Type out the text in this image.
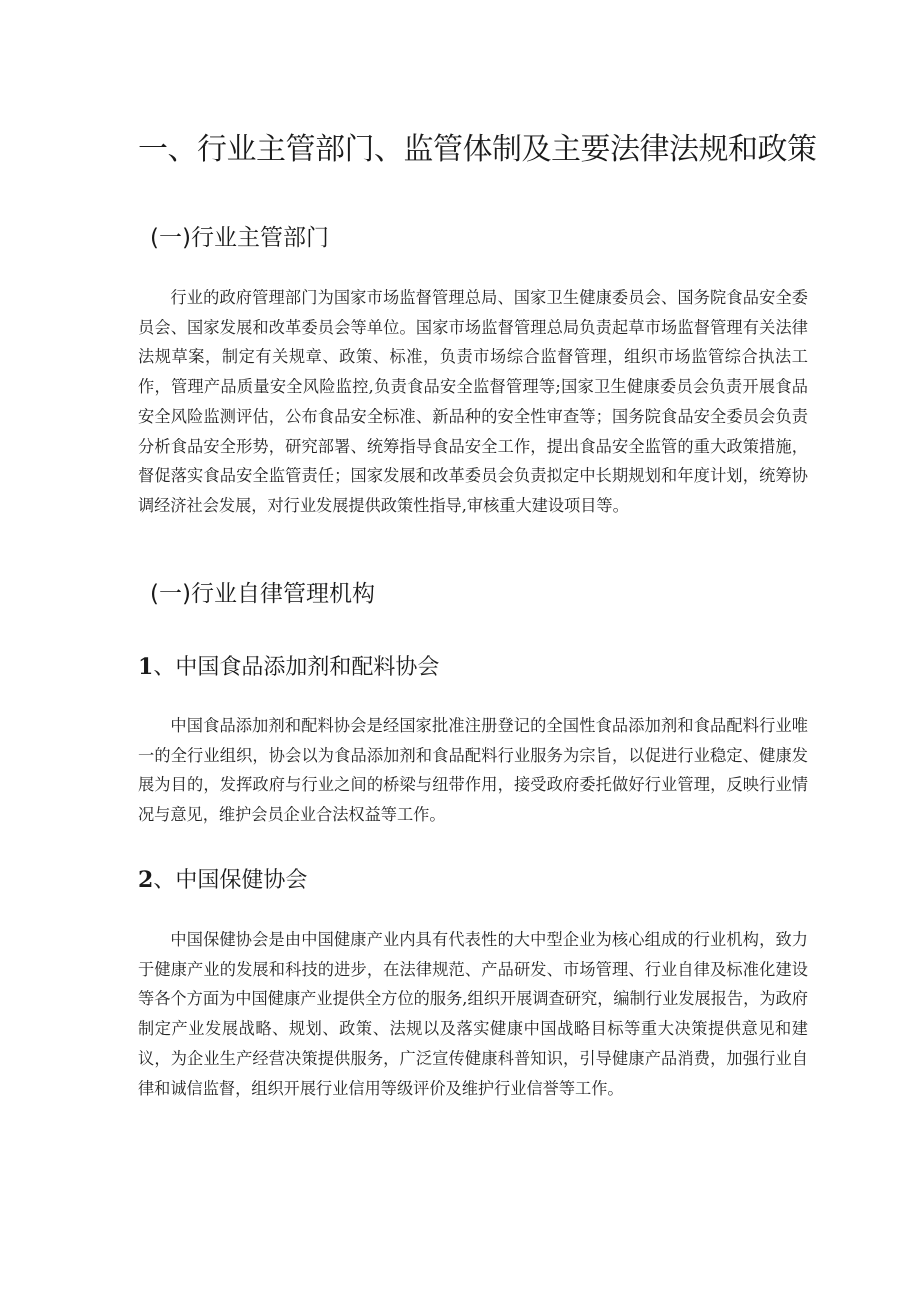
一、行业主管部门、监管体制及主要法律法规和政策
(一)行业主管部门

行业的政府管理部门为国家市场监督管理总局、国家卫生健康委员会、国务院食品安全委员会、国家发展和改革委员会等单位。国家市场监督管理总局负责起草市场监督管理有关法律法规草案，制定有关规章、政策、标准，负责市场综合监督管理，组织市场监管综合执法工作，管理产品质量安全风险监控,负责食品安全监督管理等;国家卫生健康委员会负责开展食品安全风险监测评估，公布食品安全标准、新品种的安全性审查等；国务院食品安全委员会负责分析食品安全形势，研究部署、统筹指导食品安全工作，提出食品安全监管的重大政策措施，督促落实食品安全监管责任；国家发展和改革委员会负责拟定中长期规划和年度计划，统筹协调经济社会发展，对行业发展提供政策性指导,审核重大建设项目等。

(一)行业自律管理机构
1、中国食品添加剂和配料协会

中国食品添加剂和配料协会是经国家批准注册登记的全国性食品添加剂和食品配料行业唯一的全行业组织，协会以为食品添加剂和食品配料行业服务为宗旨，以促进行业稳定、健康发展为目的，发挥政府与行业之间的桥梁与纽带作用，接受政府委托做好行业管理，反映行业情况与意见，维护会员企业合法权益等工作。

2、中国保健协会

中国保健协会是由中国健康产业内具有代表性的大中型企业为核心组成的行业机构，致力于健康产业的发展和科技的进步，在法律规范、产品研发、市场管理、行业自律及标准化建设等各个方面为中国健康产业提供全方位的服务,组织开展调查研究，编制行业发展报告，为政府制定产业发展战略、规划、政策、法规以及落实健康中国战略目标等重大决策提供意见和建议，为企业生产经营决策提供服务，广泛宣传健康科普知识，引导健康产品消费，加强行业自律和诚信监督，组织开展行业信用等级评价及维护行业信誉等工作。
